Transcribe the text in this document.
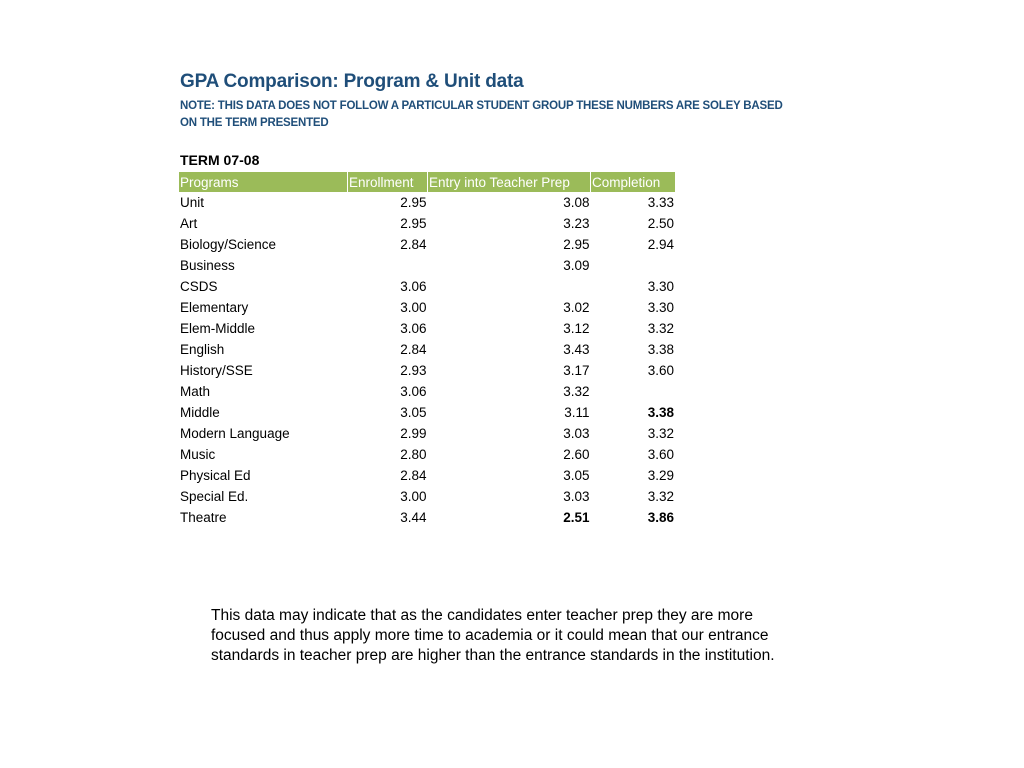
GPA Comparison: Program & Unit data
NOTE: THIS DATA DOES NOT FOLLOW A PARTICULAR STUDENT GROUP THESE NUMBERS ARE SOLEY BASED ON THE TERM PRESENTED
TERM 07-08
Programs	Enrollment	Entry into Teacher Prep	Completion
Unit	2.95	3.08	3.33
Art	2.95	3.23	2.50
Biology/Science	2.84	2.95	2.94
Business		3.09	
CSDS	3.06		3.30
Elementary	3.00	3.02	3.30
Elem-Middle	3.06	3.12	3.32
English	2.84	3.43	3.38
History/SSE	2.93	3.17	3.60
Math	3.06	3.32	
Middle	3.05	3.11	3.38
Modern Language	2.99	3.03	3.32
Music	2.80	2.60	3.60
Physical Ed	2.84	3.05	3.29
Special Ed.	3.00	3.03	3.32
Theatre	3.44	2.51	3.86
This data may indicate that as the candidates enter teacher prep they are more focused and thus apply more time to academia or it could mean that our entrance standards in teacher prep are higher than the entrance standards in the institution.
